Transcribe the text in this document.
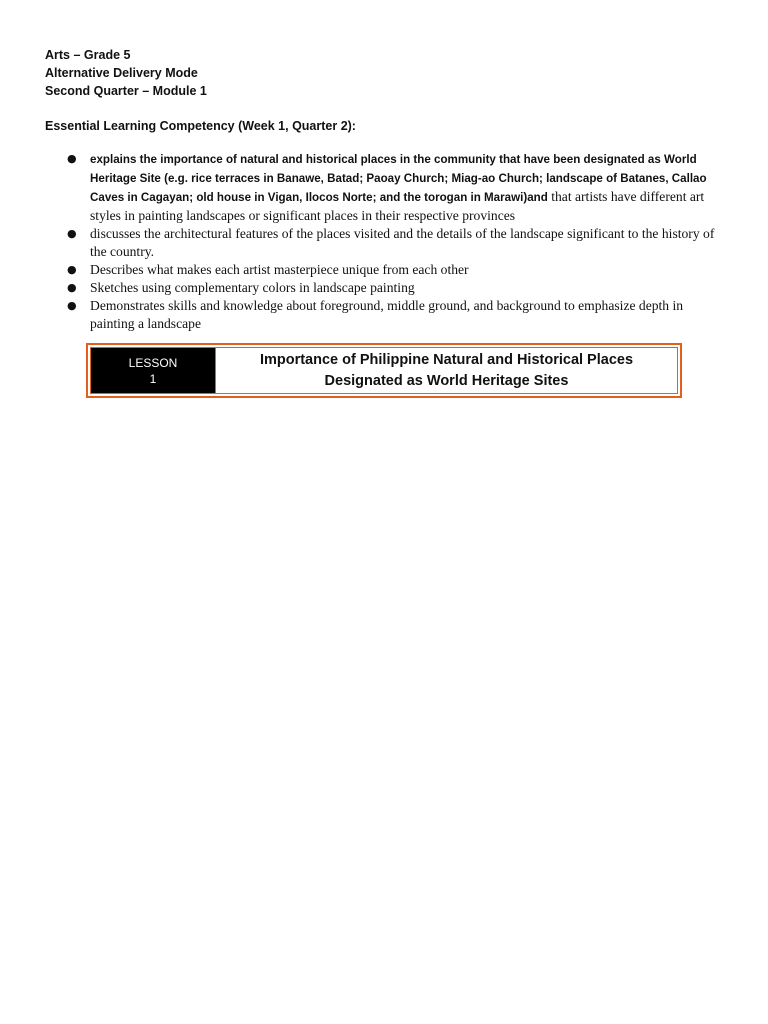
Arts – Grade 5
Alternative Delivery Mode
Second Quarter – Module 1
Essential Learning Competency (Week 1, Quarter 2):
● explains the importance of natural and historical places in the community that have been designated as World Heritage Site (e.g. rice terraces in Banawe, Batad; Paoay Church; Miag-ao Church; landscape of Batanes, Callao Caves in Cagayan; old house in Vigan, Ilocos Norte; and the torogan in Marawi)and that artists have different art styles in painting landscapes or significant places in their respective provinces
● discusses the architectural features of the places visited and the details of the landscape significant to the history of the country.
● Describes what makes each artist masterpiece unique from each other
● Sketches using complementary colors in landscape painting
● Demonstrates skills and knowledge about foreground, middle ground, and background to emphasize depth in painting a landscape
LESSON
1
Importance of Philippine Natural and Historical Places
Designated as World Heritage Sites
